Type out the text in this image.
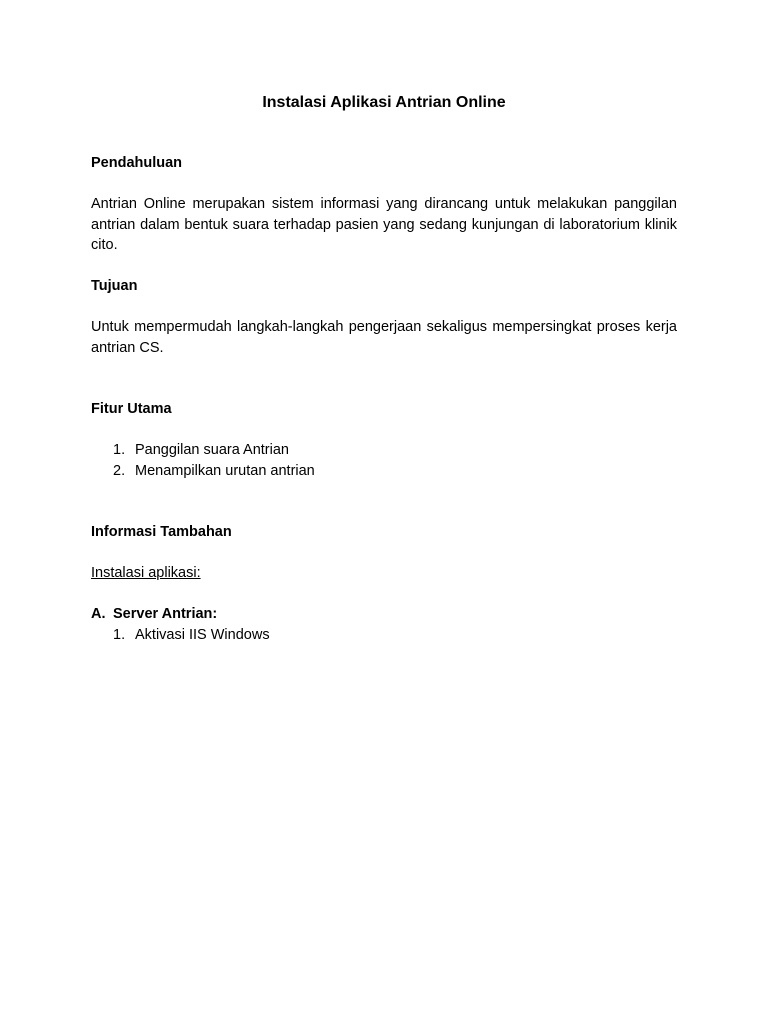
Instalasi Aplikasi Antrian Online
Pendahuluan
Antrian Online merupakan sistem informasi yang dirancang untuk melakukan panggilan antrian dalam bentuk suara terhadap pasien yang sedang kunjungan di laboratorium klinik cito.
Tujuan
Untuk mempermudah langkah-langkah pengerjaan sekaligus mempersingkat proses kerja antrian CS.
Fitur Utama
1. Panggilan suara Antrian
2. Menampilkan urutan antrian
Informasi Tambahan
Instalasi aplikasi:
A. Server Antrian:
1. Aktivasi IIS Windows
